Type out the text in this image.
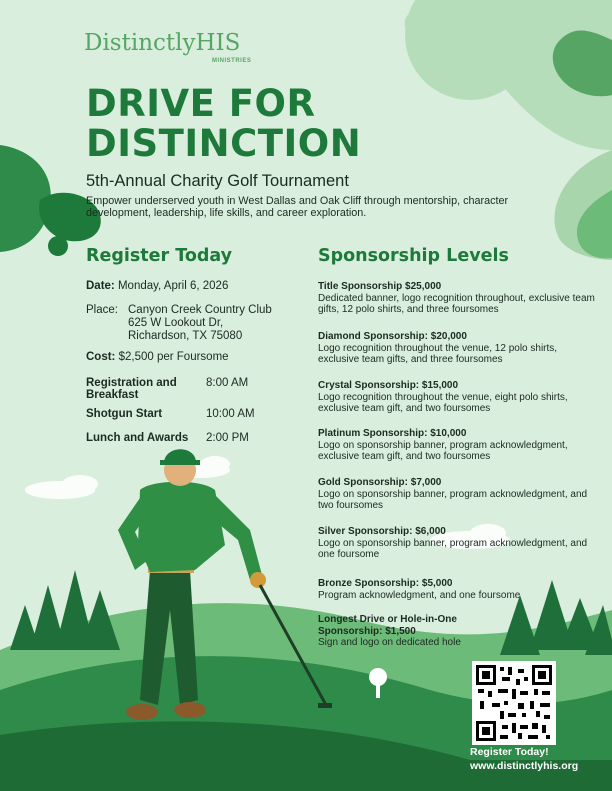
DistinctlyHIS
MINISTRIES
DRIVE FOR
DISTINCTION
5th-Annual Charity Golf Tournament
Empower underserved youth in West Dallas and Oak Cliff through mentorship, character development, leadership, life skills, and career exploration.
Register Today
Date: Monday, April 6, 2026
Place: Canyon Creek Country Club
625 W Lookout Dr,
Richardson, TX 75080
Cost: $2,500 per Foursome
Registration and Breakfast
8:00 AM
Shotgun Start	10:00 AM
Lunch and Awards 2:00 PM
Sponsorship Levels
Title Sponsorship $25,000
Dedicated banner, logo recognition throughout, exclusive team gifts, 12 polo shirts, and three foursomes
Diamond Sponsorship: $20,000
Logo recognition throughout the venue, 12 polo shirts, exclusive team gifts, and three foursomes
Crystal Sponsorship: $15,000
Logo recognition throughout the venue, eight polo shirts, exclusive team gift, and two foursomes
Platinum Sponsorship: $10,000
Logo on sponsorship banner, program acknowledgment, exclusive team gift, and two foursomes
Gold Sponsorship: $7,000
Logo on sponsorship banner, program acknowledgment, and two foursomes
Silver Sponsorship: $6,000
Logo on sponsorship banner, program acknowledgment, and one foursome
Bronze Sponsorship: $5,000
Program acknowledgment, and one foursome
Longest Drive or Hole-in-One Sponsorship: $1,500
Sign and logo on dedicated hole
Register Today!
www.distinctlyhis.org
